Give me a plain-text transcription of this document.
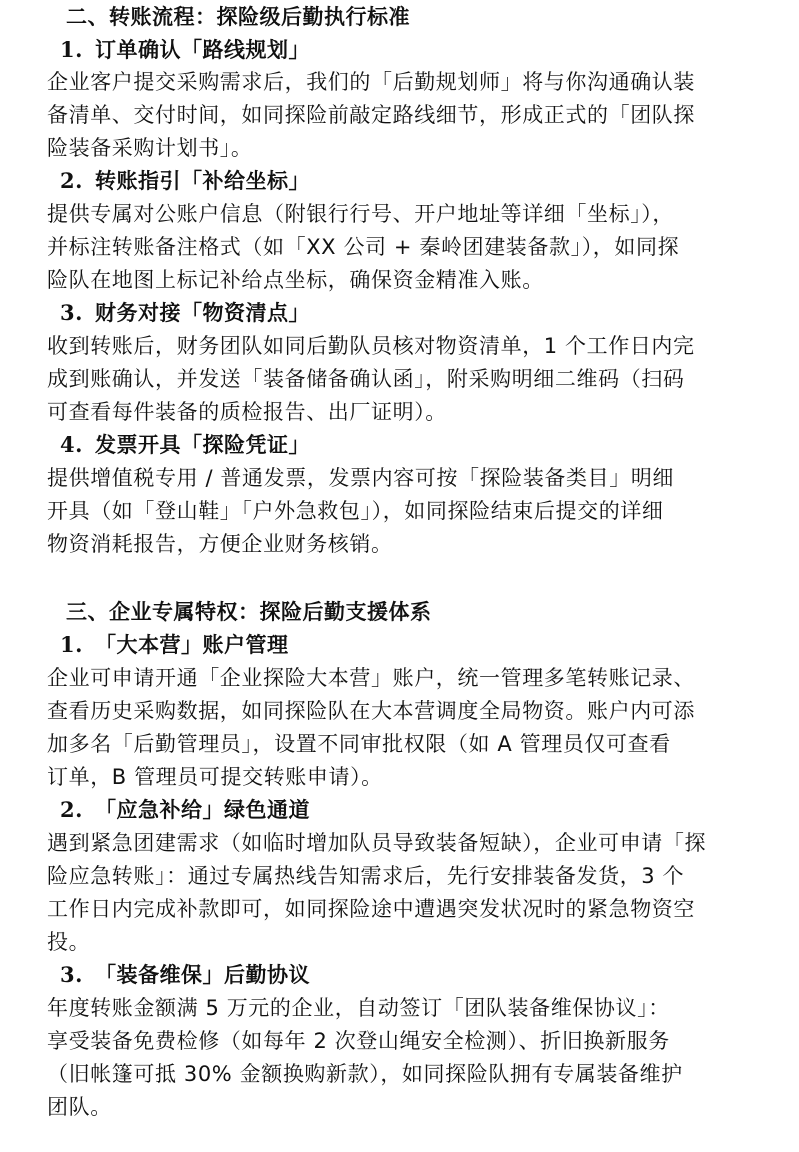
二、转账流程：探险级后勤执行标准
1. 订单确认「路线规划」
企业客户提交采购需求后，我们的「后勤规划师」将与你沟通确认装
备清单、交付时间，如同探险前敲定路线细节，形成正式的「团队探
险装备采购计划书」。
2. 转账指引「补给坐标」
提供专属对公账户信息（附银行行号、开户地址等详细「坐标」），
并标注转账备注格式（如「XX 公司 + 秦岭团建装备款」），如同探
险队在地图上标记补给点坐标，确保资金精准入账。
3. 财务对接「物资清点」
收到转账后，财务团队如同后勤队员核对物资清单，1 个工作日内完
成到账确认，并发送「装备储备确认函」，附采购明细二维码（扫码
可查看每件装备的质检报告、出厂证明）。
4. 发票开具「探险凭证」
提供增值税专用 / 普通发票，发票内容可按「探险装备类目」明细
开具（如「登山鞋」「户外急救包」），如同探险结束后提交的详细
物资消耗报告，方便企业财务核销。
三、企业专属特权：探险后勤支援体系
1. 「大本营」账户管理
企业可申请开通「企业探险大本营」账户，统一管理多笔转账记录、
查看历史采购数据，如同探险队在大本营调度全局物资。账户内可添
加多名「后勤管理员」，设置不同审批权限（如 A 管理员仅可查看
订单，B 管理员可提交转账申请）。
2. 「应急补给」绿色通道
遇到紧急团建需求（如临时增加队员导致装备短缺），企业可申请「探
险应急转账」：通过专属热线告知需求后，先行安排装备发货，3 个
工作日内完成补款即可，如同探险途中遭遇突发状况时的紧急物资空
投。
3. 「装备维保」后勤协议
年度转账金额满 5 万元的企业，自动签订「团队装备维保协议」：
享受装备免费检修（如每年 2 次登山绳安全检测）、折旧换新服务
（旧帐篷可抵 30% 金额换购新款），如同探险队拥有专属装备维护
团队。
